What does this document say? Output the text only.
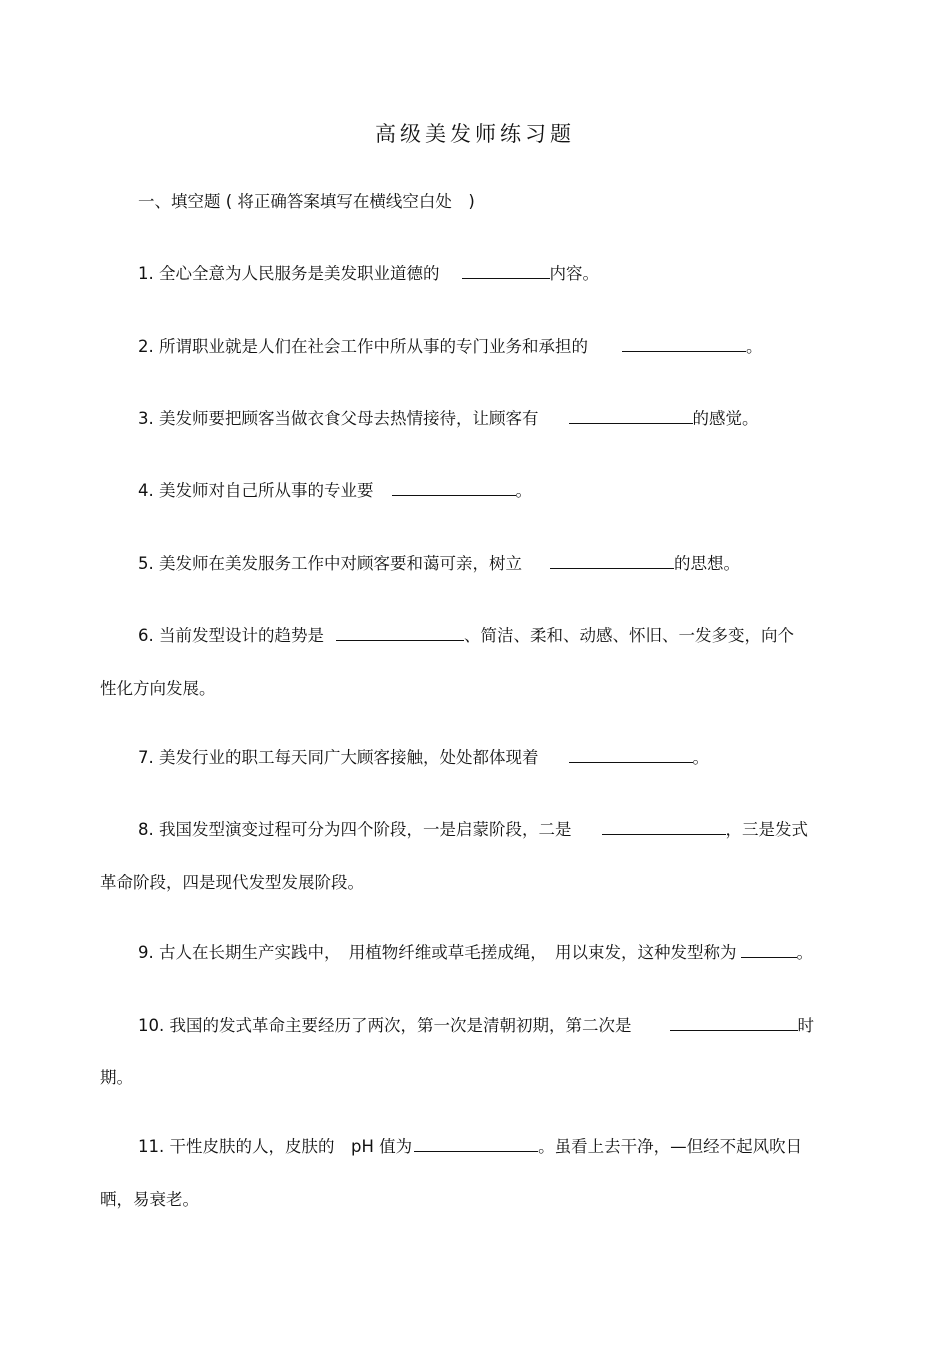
高级美发师练习题
一、填空题 ( 将正确答案填写在横线空白处　)
1. 全心全意为人民服务是美发职业道德的	内容。
2. 所谓职业就是人们在社会工作中所从事的专门业务和承担的	。
3. 美发师要把顾客当做衣食父母去热情接待，让顾客有	的感觉。
4. 美发师对自己所从事的专业要	。
5. 美发师在美发服务工作中对顾客要和蔼可亲，树立	的思想。
6. 当前发型设计的趋势是	、简洁、柔和、动感、怀旧、一发多变，向个
性化方向发展。
7. 美发行业的职工每天同广大顾客接触，处处都体现着	。
8. 我国发型演变过程可分为四个阶段，一是启蒙阶段，二是	，三是发式
革命阶段，四是现代发型发展阶段。
9. 古人在长期生产实践中，　用植物纤维或草毛搓成绳，　用以束发，这种发型称为	。
10. 我国的发式革命主要经历了两次，第一次是清朝初期，第二次是	时
期。
11. 干性皮肤的人，皮肤的　pH 值为	。虽看上去干净，—但经不起风吹日
晒，易衰老。
